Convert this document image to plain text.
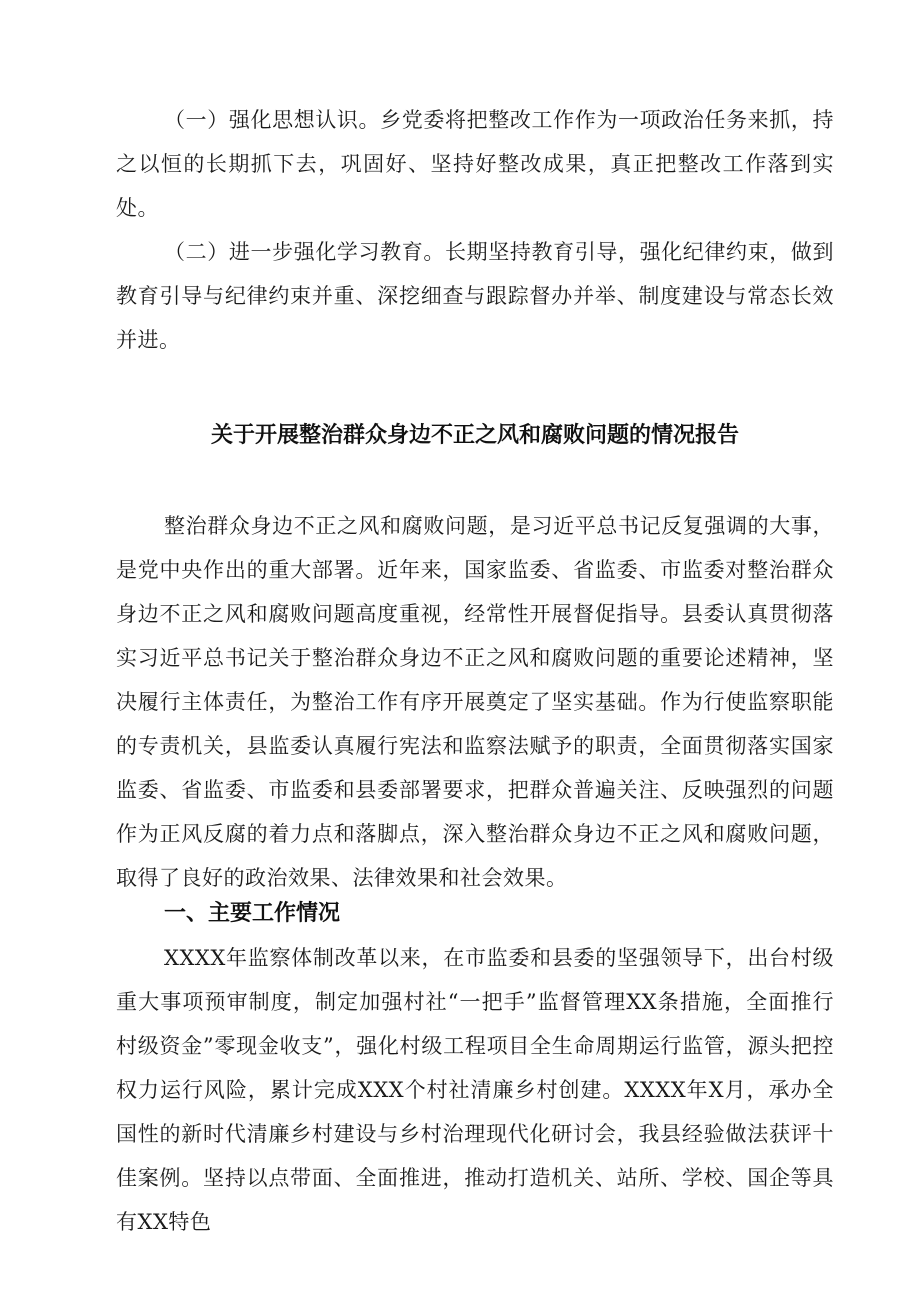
（一）强化思想认识。乡党委将把整改工作作为一项政治任务来抓，持之以恒的长期抓下去，巩固好、坚持好整改成果，真正把整改工作落到实处。

（二）进一步强化学习教育。长期坚持教育引导，强化纪律约束，做到教育引导与纪律约束并重、深挖细查与跟踪督办并举、制度建设与常态长效并进。

关于开展整治群众身边不正之风和腐败问题的情况报告

整治群众身边不正之风和腐败问题，是习近平总书记反复强调的大事，是党中央作出的重大部署。近年来，国家监委、省监委、市监委对整治群众身边不正之风和腐败问题高度重视，经常性开展督促指导。县委认真贯彻落实习近平总书记关于整治群众身边不正之风和腐败问题的重要论述精神，坚决履行主体责任，为整治工作有序开展奠定了坚实基础。作为行使监察职能的专责机关，县监委认真履行宪法和监察法赋予的职责，全面贯彻落实国家监委、省监委、市监委和县委部署要求，把群众普遍关注、反映强烈的问题作为正风反腐的着力点和落脚点，深入整治群众身边不正之风和腐败问题，取得了良好的政治效果、法律效果和社会效果。

一、主要工作情况

XXXX年监察体制改革以来，在市监委和县委的坚强领导下，出台村级重大事项预审制度，制定加强村社“一把手”监督管理XX条措施，全面推行村级资金”零现金收支”，强化村级工程项目全生命周期运行监管，源头把控权力运行风险，累计完成XXX个村社清廉乡村创建。XXXX年X月，承办全国性的新时代清廉乡村建设与乡村治理现代化研讨会，我县经验做法获评十佳案例。坚持以点带面、全面推进，推动打造机关、站所、学校、国企等具有XX特色
